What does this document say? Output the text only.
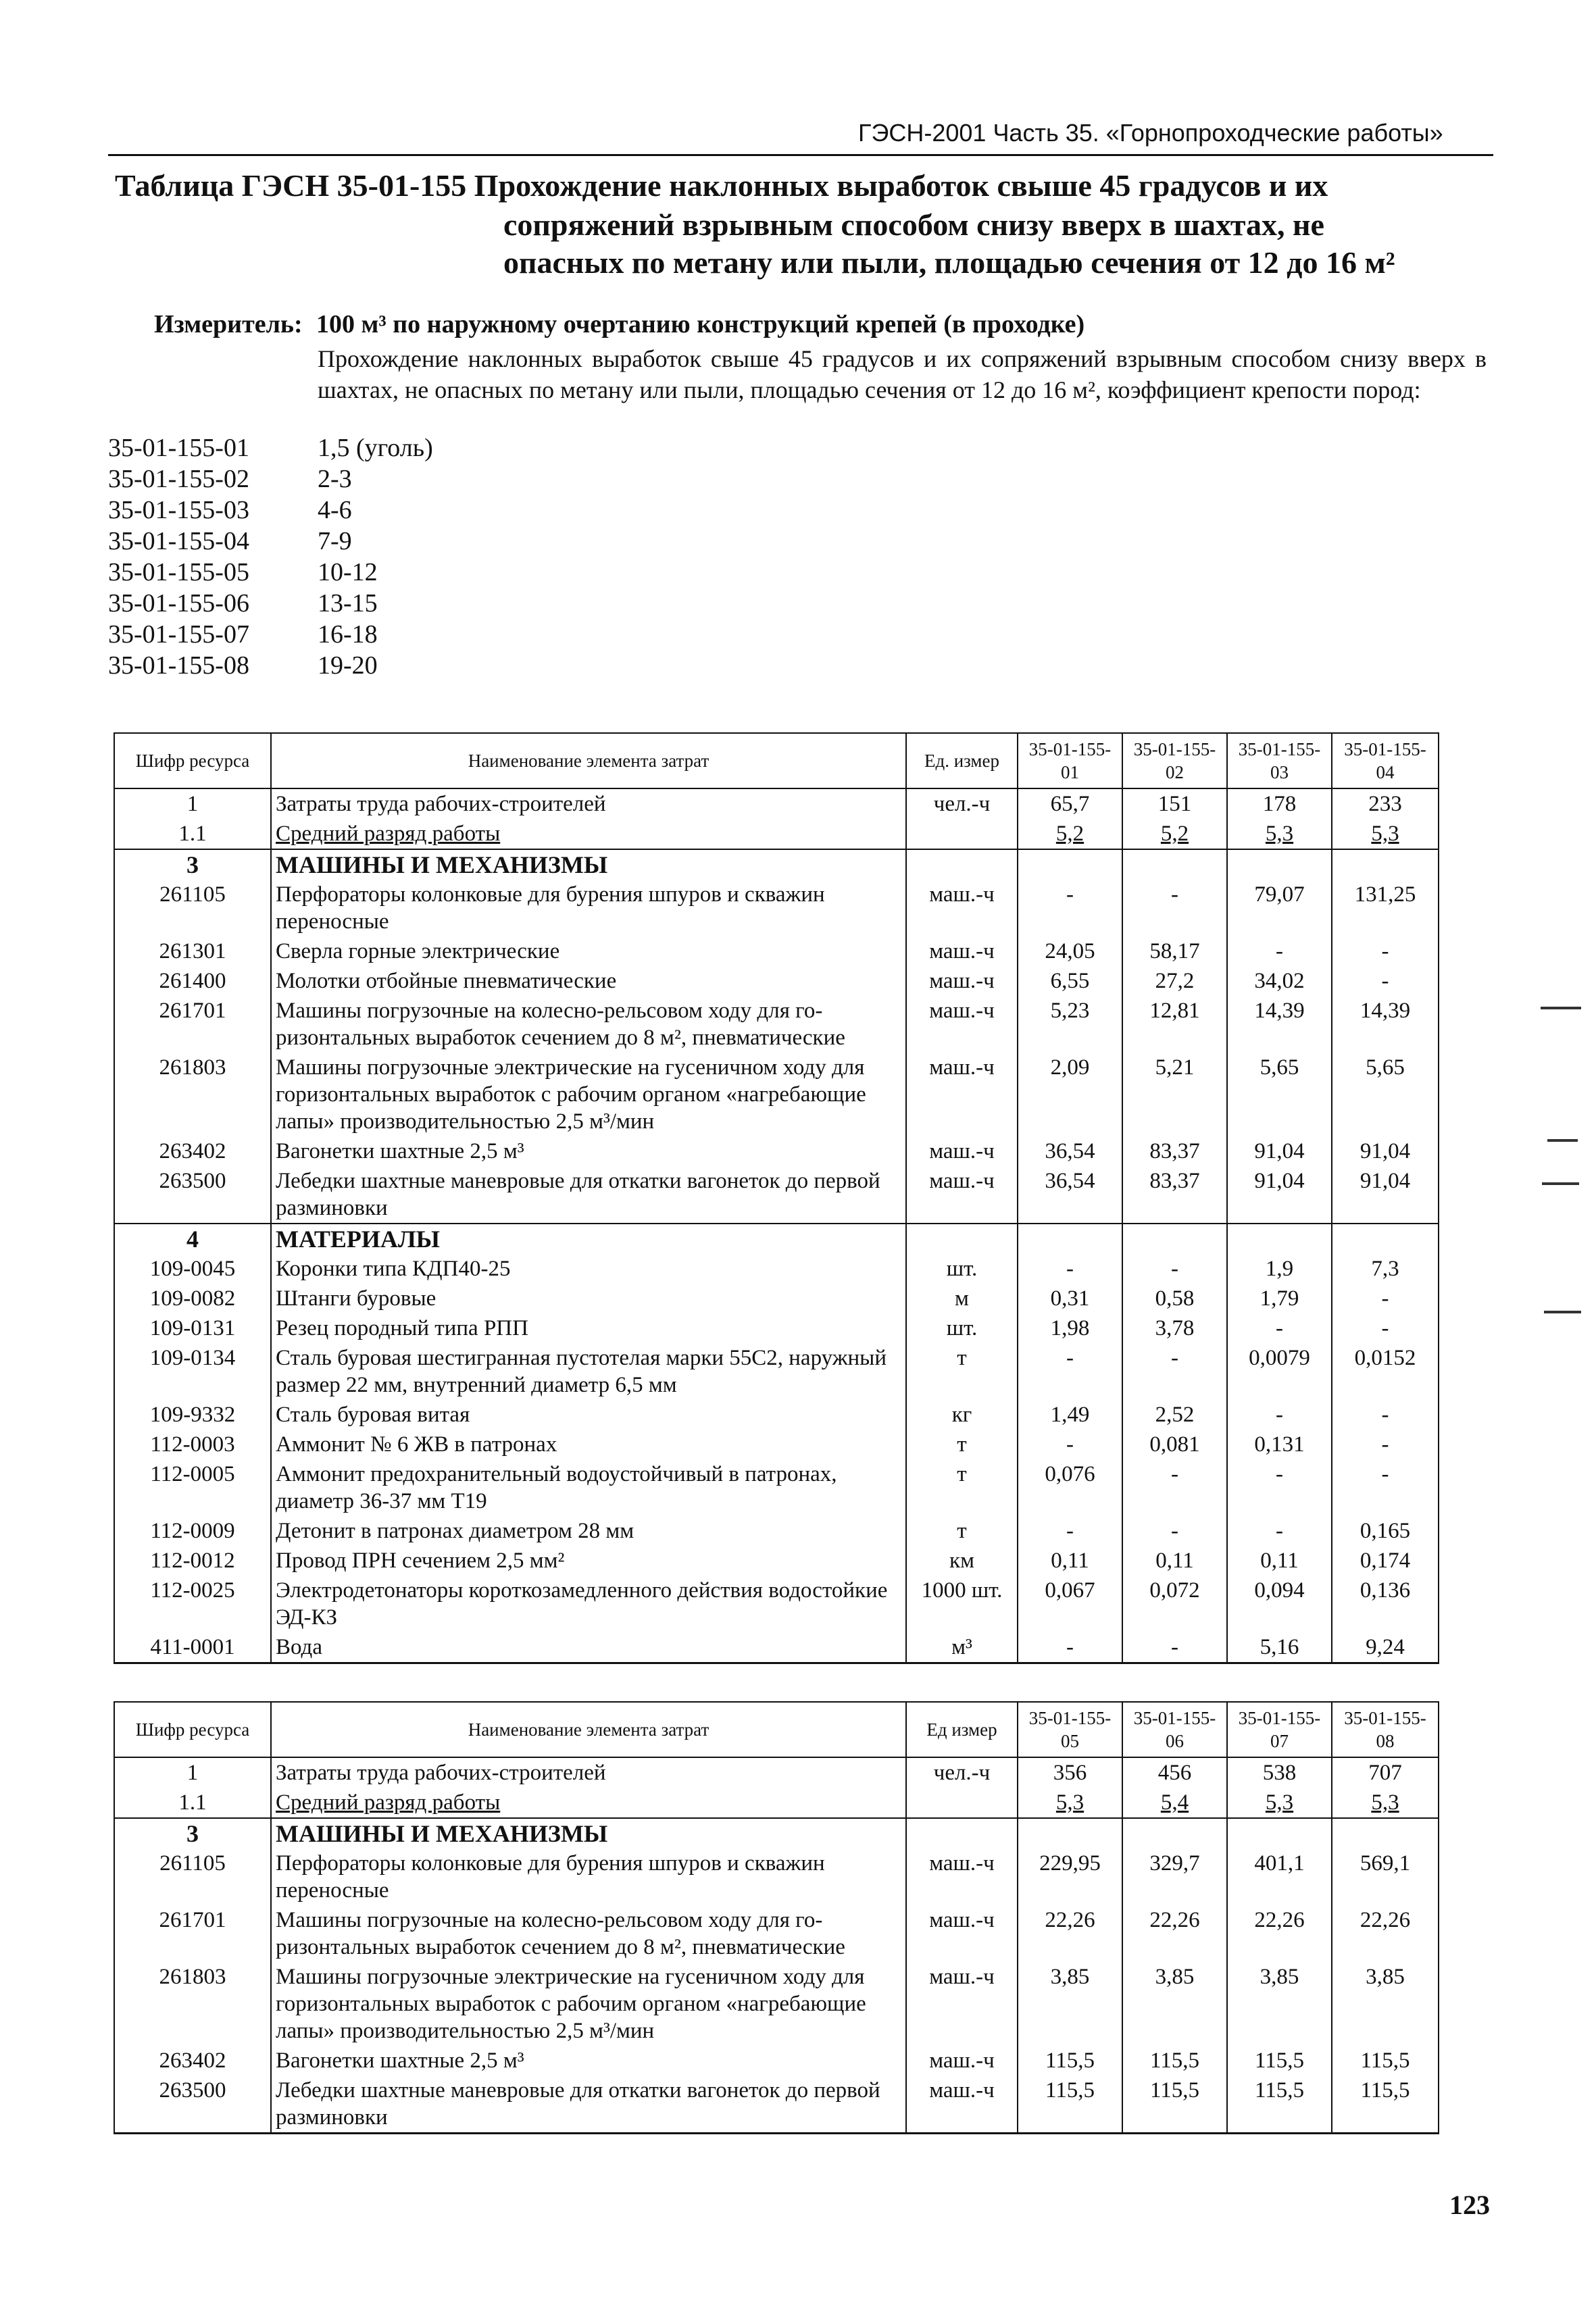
ГЭСН-2001 Часть 35. «Горнопроходческие работы»
Таблица ГЭСН 35-01-155 Прохождение наклонных выработок свыше 45 градусов и их
сопряжений взрывным способом снизу вверх в шахтах, не
опасных по метану или пыли, площадью сечения от 12 до 16 м²
Измеритель: 100 м³ по наружному очертанию конструкций крепей (в проходке)
Прохождение наклонных выработок свыше 45 градусов и их сопряжений взрывным способом снизу вверх в шахтах, не опасных по метану или пыли, площадью сечения от 12 до 16 м², коэффициент крепости пород:
35-01-155-01	1,5 (уголь)
35-01-155-02	2-3
35-01-155-03	4-6
35-01-155-04	7-9
35-01-155-05	10-12
35-01-155-06	13-15
35-01-155-07	16-18
35-01-155-08	19-20
Шифр ресурса	Наименование элемента затрат	Ед. измер	35-01-155-01	35-01-155-02	35-01-155-03	35-01-155-04
1	Затраты труда рабочих-строителей	чел.-ч	65,7	151	178	233
1.1	Средний разряд работы		5,2	5,2	5,3	5,3
3	МАШИНЫ И МЕХАНИЗМЫ					
261105	Перфораторы колонковые для бурения шпуров и скважин переносные	маш.-ч	-	-	79,07	131,25
261301	Сверла горные электрические	маш.-ч	24,05	58,17	-	-
261400	Молотки отбойные пневматические	маш.-ч	6,55	27,2	34,02	-
261701	Машины погрузочные на колесно-рельсовом ходу для горизонтальных выработок сечением до 8 м², пневматические	маш.-ч	5,23	12,81	14,39	14,39
261803	Машины погрузочные электрические на гусеничном ходу для горизонтальных выработок с рабочим органом «нагребающие лапы» производительностью 2,5 м³/мин	маш.-ч	2,09	5,21	5,65	5,65
263402	Вагонетки шахтные 2,5 м³	маш.-ч	36,54	83,37	91,04	91,04
263500	Лебедки шахтные маневровые для откатки вагонеток до первой разминовки	маш.-ч	36,54	83,37	91,04	91,04
4	МАТЕРИАЛЫ					
109-0045	Коронки типа КДП40-25	шт.	-	-	1,9	7,3
109-0082	Штанги буровые	м	0,31	0,58	1,79	-
109-0131	Резец породный типа РПП	шт.	1,98	3,78	-	-
109-0134	Сталь буровая шестигранная пустотелая марки 55С2, наружный размер 22 мм, внутренний диаметр 6,5 мм	т	-	-	0,0079	0,0152
109-9332	Сталь буровая витая	кг	1,49	2,52	-	-
112-0003	Аммонит № 6 ЖВ в патронах	т	-	0,081	0,131	-
112-0005	Аммонит предохранительный водоустойчивый в патронах, диаметр 36-37 мм Т19	т	0,076	-	-	-
112-0009	Детонит в патронах диаметром 28 мм	т	-	-	-	0,165
112-0012	Провод ПРН сечением 2,5 мм²	км	0,11	0,11	0,11	0,174
112-0025	Электродетонаторы короткозамедленного действия водостойкие ЭД-КЗ	1000 шт.	0,067	0,072	0,094	0,136
411-0001	Вода	м³	-	-	5,16	9,24
Шифр ресурса	Наименование элемента затрат	Ед измер	35-01-155-05	35-01-155-06	35-01-155-07	35-01-155-08
1	Затраты труда рабочих-строителей	чел.-ч	356	456	538	707
1.1	Средний разряд работы		5,3	5,4	5,3	5,3
3	МАШИНЫ И МЕХАНИЗМЫ					
261105	Перфораторы колонковые для бурения шпуров и скважин переносные	маш.-ч	229,95	329,7	401,1	569,1
261701	Машины погрузочные на колесно-рельсовом ходу для горизонтальных выработок сечением до 8 м², пневматические	маш.-ч	22,26	22,26	22,26	22,26
261803	Машины погрузочные электрические на гусеничном ходу для горизонтальных выработок с рабочим органом «нагребающие лапы» производительностью 2,5 м³/мин	маш.-ч	3,85	3,85	3,85	3,85
263402	Вагонетки шахтные 2,5 м³	маш.-ч	115,5	115,5	115,5	115,5
263500	Лебедки шахтные маневровые для откатки вагонеток до первой разминовки	маш.-ч	115,5	115,5	115,5	115,5
123
